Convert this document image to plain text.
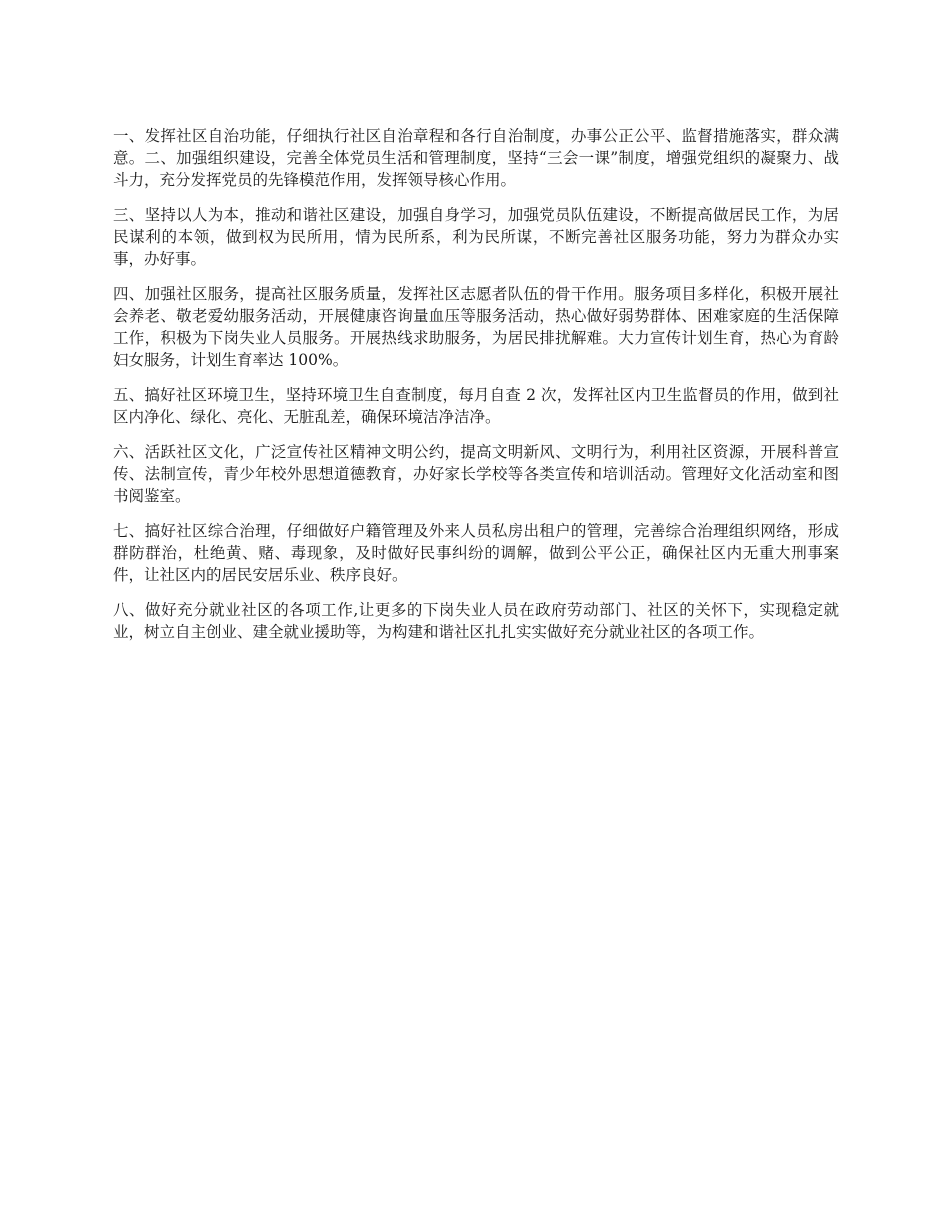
一、发挥社区自治功能，仔细执行社区自治章程和各行自治制度，办事公正公平、监督措施落实，群众满意。二、加强组织建设，完善全体党员生活和管理制度，坚持“三会一课”制度，增强党组织的凝聚力、战斗力，充分发挥党员的先锋模范作用，发挥领导核心作用。

三、坚持以人为本，推动和谐社区建设，加强自身学习，加强党员队伍建设，不断提高做居民工作，为居民谋利的本领，做到权为民所用，情为民所系，利为民所谋，不断完善社区服务功能，努力为群众办实事，办好事。

四、加强社区服务，提高社区服务质量，发挥社区志愿者队伍的骨干作用。服务项目多样化，积极开展社会养老、敬老爱幼服务活动，开展健康咨询量血压等服务活动，热心做好弱势群体、困难家庭的生活保障工作，积极为下岗失业人员服务。开展热线求助服务，为居民排扰解难。大力宣传计划生育，热心为育龄妇女服务，计划生育率达 100%。

五、搞好社区环境卫生，坚持环境卫生自查制度，每月自查 2 次，发挥社区内卫生监督员的作用，做到社区内净化、绿化、亮化、无脏乱差，确保环境洁净洁净。

六、活跃社区文化，广泛宣传社区精神文明公约，提高文明新风、文明行为，利用社区资源，开展科普宣传、法制宣传，青少年校外思想道德教育，办好家长学校等各类宣传和培训活动。管理好文化活动室和图书阅鉴室。

七、搞好社区综合治理，仔细做好户籍管理及外来人员私房出租户的管理，完善综合治理组织网络，形成群防群治，杜绝黄、赌、毒现象，及时做好民事纠纷的调解，做到公平公正，确保社区内无重大刑事案件，让社区内的居民安居乐业、秩序良好。

八、做好充分就业社区的各项工作,让更多的下岗失业人员在政府劳动部门、社区的关怀下，实现稳定就业，树立自主创业、建全就业援助等，为构建和谐社区扎扎实实做好充分就业社区的各项工作。
